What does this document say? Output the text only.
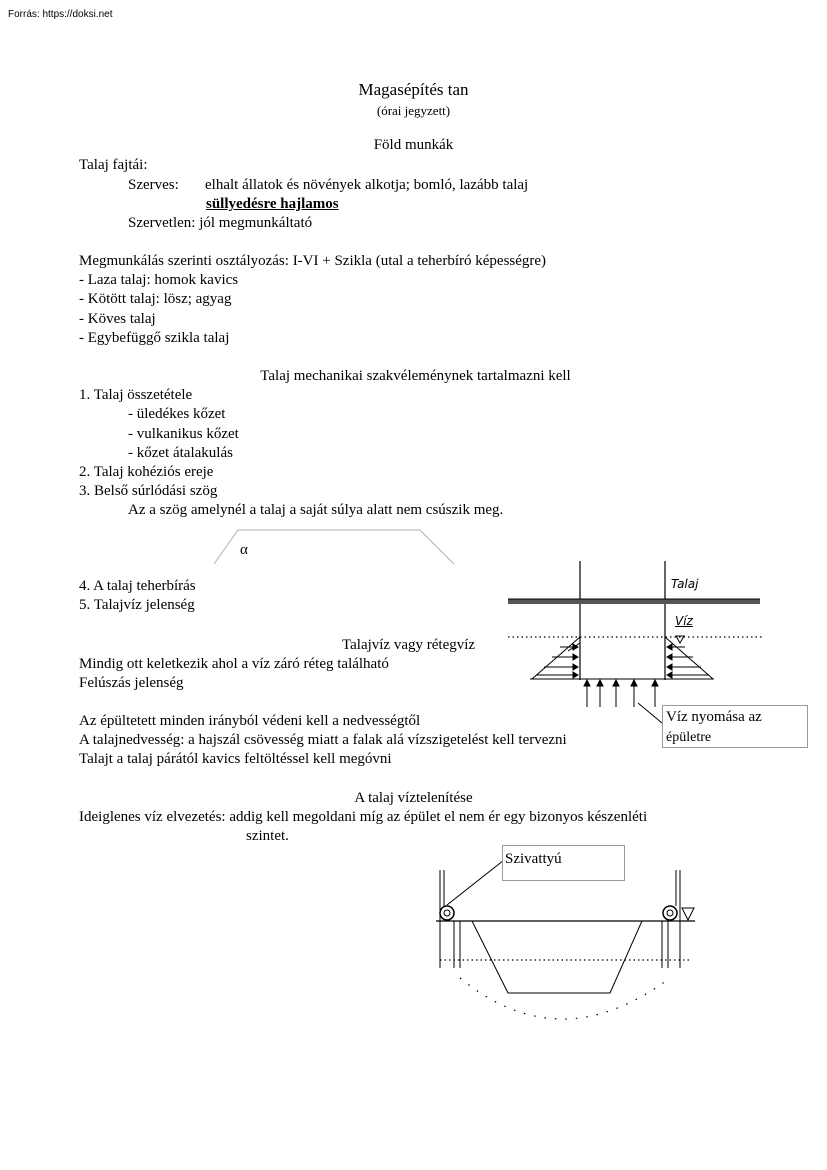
Forrás: https://doksi.net
Magasépítés tan
(órai jegyzett)
Föld munkák
Talaj fajtái:
Szerves: elhalt állatok és növények alkotja; bomló, lazább talaj
süllyedésre hajlamos
Szervetlen: jól megmunkáltató
Megmunkálás szerinti osztályozás: I-VI + Szikla (utal a teherbíró képességre)
- Laza talaj: homok kavics
- Kötött talaj: lösz; agyag
- Köves talaj
- Egybefüggő szikla talaj
Talaj mechanikai szakvéleménynek tartalmazni kell
1. Talaj összetétele
- üledékes kőzet
- vulkanikus kőzet
- kőzet átalakulás
2. Talaj kohéziós ereje
3. Belső súrlódási szög
Az a szög amelynél a talaj a saját súlya alatt nem csúszik meg.
α
4. A talaj teherbírás
5. Talajvíz jelenség
Talaj
Víz
Víz nyomása az
épületre
Talajvíz vagy rétegvíz
Mindig ott keletkezik ahol a víz záró réteg található
Felúszás jelenség
Az épültetett minden irányból védeni kell a nedvességtől
A talajnedvesség: a hajszál csövesség miatt a falak alá vízszigetelést kell tervezni
Talajt a talaj párától kavics feltöltéssel kell megóvni
A talaj víztelenítése
Ideiglenes víz elvezetés: addig kell megoldani míg az épület el nem ér egy bizonyos készenléti
szintet.
Szivattyú
